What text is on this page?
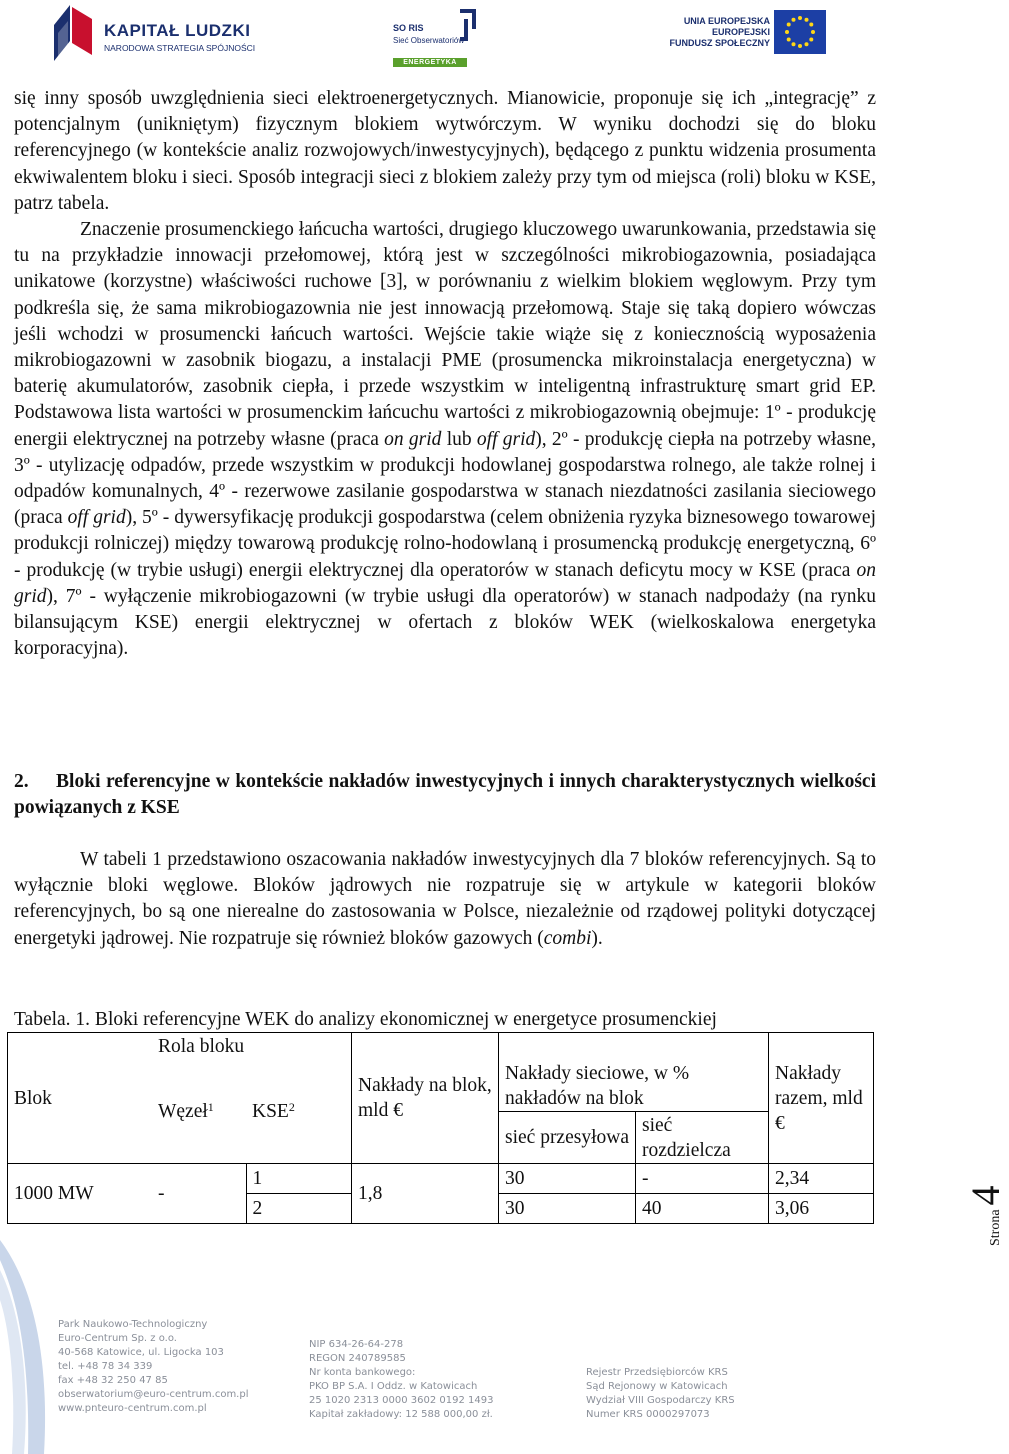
KAPITAŁ LUDZKI
NARODOWA STRATEGIA SPÓJNOŚCI
SO RIS
Sieć Obserwatoriów
ENERGETYKA
UNIA EUROPEJSKA
EUROPEJSKI
FUNDUSZ SPOŁECZNY

się inny sposób uwzględnienia sieci elektroenergetycznych. Mianowicie, proponuje się ich „integrację” z potencjalnym (unikniętym) fizycznym blokiem wytwórczym. W wyniku dochodzi się do bloku referencyjnego (w kontekście analiz rozwojowych/inwestycyjnych), będącego z punktu widzenia prosumenta ekwiwalentem bloku i sieci. Sposób integracji sieci z blokiem zależy przy tym od miejsca (roli) bloku w KSE, patrz tabela.

Znaczenie prosumenckiego łańcucha wartości, drugiego kluczowego uwarunkowania, przedstawia się tu na przykładzie innowacji przełomowej, którą jest w szczególności mikrobiogazownia, posiadająca unikatowe (korzystne) właściwości ruchowe [3], w porównaniu z wielkim blokiem węglowym. Przy tym podkreśla się, że sama mikrobiogazownia nie jest innowacją przełomową. Staje się taką dopiero wówczas jeśli wchodzi w prosumencki łańcuch wartości. Wejście takie wiąże się z koniecznością wyposażenia mikrobiogazowni w zasobnik biogazu, a instalacji PME (prosumencka mikroinstalacja energetyczna) w baterię akumulatorów, zasobnik ciepła, i przede wszystkim w inteligentną infrastrukturę smart grid EP. Podstawowa lista wartości w prosumenckim łańcuchu wartości z mikrobiogazownią obejmuje: 1º - produkcję energii elektrycznej na potrzeby własne (praca on grid lub off grid), 2º - produkcję ciepła na potrzeby własne, 3º - utylizację odpadów, przede wszystkim w produkcji hodowlanej gospodarstwa rolnego, ale także rolnej i odpadów komunalnych, 4º - rezerwowe zasilanie gospodarstwa w stanach niezdatności zasilania sieciowego (praca off grid), 5º - dywersyfikację produkcji gospodarstwa (celem obniżenia ryzyka biznesowego towarowej produkcji rolniczej) między towarową produkcję rolno-hodowlaną i prosumencką produkcję energetyczną, 6º - produkcję (w trybie usługi) energii elektrycznej dla operatorów w stanach deficytu mocy w KSE (praca on grid), 7º - wyłączenie mikrobiogazowni (w trybie usługi dla operatorów) w stanach nadpodaży (na rynku bilansującym KSE) energii elektrycznej w ofertach z bloków WEK (wielkoskalowa energetyka korporacyjna).

2. Bloki referencyjne w kontekście nakładów inwestycyjnych i innych charakterystycznych wielkości powiązanych z KSE

W tabeli 1 przedstawiono oszacowania nakładów inwestycyjnych dla 7 bloków referencyjnych. Są to wyłącznie bloki węglowe. Bloków jądrowych nie rozpatruje się w artykule w kategorii bloków referencyjnych, bo są one nierealne do zastosowania w Polsce, niezależnie od rządowej polityki dotyczącej energetyki jądrowej. Nie rozpatruje się również bloków gazowych (combi).

Tabela. 1. Bloki referencyjne WEK do analizy ekonomicznej w energetyce prosumenckiej
Blok	Rola bloku		Nakłady na blok, mld €			Nakłady razem, mld €
	Węzeł$^1$	KSE$^2$		Nakłady sieciowe, w % nakładów na blok		
				sieć przesyłowa	sieć rozdzielcza	
1000 MW	-	1	1,8	30	-	2,34
		2		30	40	3,06
Strona 4
Park Naukowo-Technologiczny
Euro-Centrum Sp. z o.o.
40-568 Katowice, ul. Ligocka 103
tel. +48 78 34 339
fax +48 32 250 47 85
obserwatorium@euro-centrum.com.pl
www.pnteuro-centrum.com.pl
NIP 634-26-64-278
REGON 240789585
Nr konta bankowego:
PKO BP S.A. I Oddz. w Katowicach
25 1020 2313 0000 3602 0192 1493
Kapitał zakładowy: 12 588 000,00 zł.
Rejestr Przedsiębiorców KRS
Sąd Rejonowy w Katowicach
Wydział VIII Gospodarczy KRS
Numer KRS 0000297073
